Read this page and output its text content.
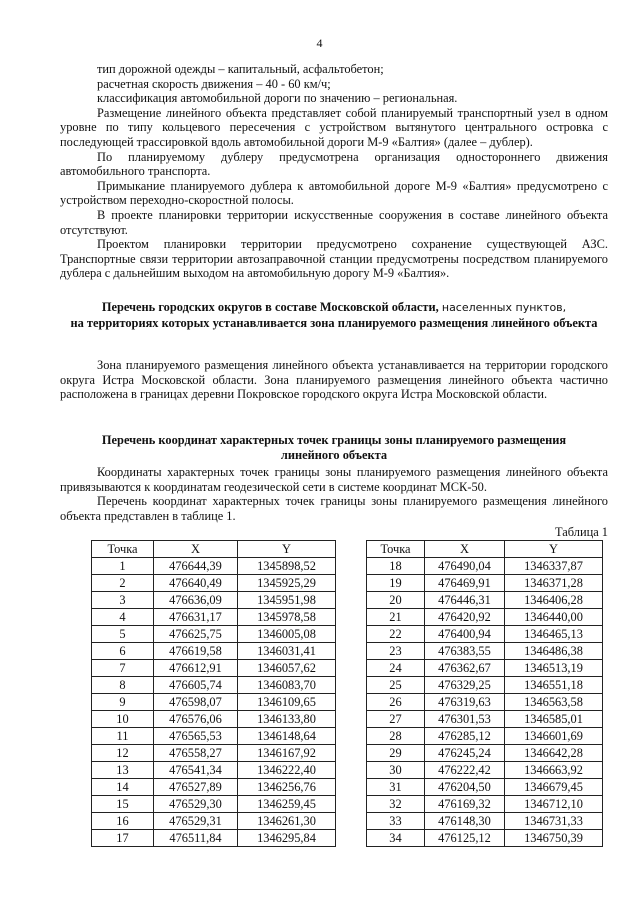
4

тип дорожной одежды – капитальный, асфальтобетон;

расчетная скорость движения – 40 - 60 км/ч;

классификация автомобильной дороги по значению – региональная.

Размещение линейного объекта представляет собой планируемый транспортный узел в одном уровне по типу кольцевого пересечения с устройством вытянутого центрального островка с последующей трассировкой вдоль автомобильной дороги М-9 «Балтия» (далее – дублер).

По планируемому дублеру предусмотрена организация одностороннего движения автомобильного транспорта.

Примыкание планируемого дублера к автомобильной дороге М-9 «Балтия» предусмотрено с устройством переходно-скоростной полосы.

В проекте планировки территории искусственные сооружения в составе линейного объекта отсутствуют.

Проектом планировки территории предусмотрено сохранение существующей АЗС. Транспортные связи территории автозаправочной станции предусмотрены посредством планируемого дублера с дальнейшим выходом на автомобильную дорогу М-9 «Балтия».

Перечень городских округов в составе Московской области, населенных пунктов,
на территориях которых устанавливается зона планируемого размещения линейного объекта

Зона планируемого размещения линейного объекта устанавливается на территории городского округа Истра Московской области. Зона планируемого размещения линейного объекта частично расположена в границах деревни Покровское городского округа Истра Московской области.

Перечень координат характерных точек границы зоны планируемого размещения линейного объекта

Координаты характерных точек границы зоны планируемого размещения линейного объекта привязываются к координатам геодезической сети в системе координат МСК-50.

Перечень координат характерных точек границы зоны планируемого размещения линейного объекта представлен в таблице 1.

Таблица 1
Точка	X	Y
1	476644,39	1345898,52
2	476640,49	1345925,29
3	476636,09	1345951,98
4	476631,17	1345978,58
5	476625,75	1346005,08
6	476619,58	1346031,41
7	476612,91	1346057,62
8	476605,74	1346083,70
9	476598,07	1346109,65
10	476576,06	1346133,80
11	476565,53	1346148,64
12	476558,27	1346167,92
13	476541,34	1346222,40
14	476527,89	1346256,76
15	476529,30	1346259,45
16	476529,31	1346261,30
17	476511,84	1346295,84
Точка	X	Y
18	476490,04	1346337,87
19	476469,91	1346371,28
20	476446,31	1346406,28
21	476420,92	1346440,00
22	476400,94	1346465,13
23	476383,55	1346486,38
24	476362,67	1346513,19
25	476329,25	1346551,18
26	476319,63	1346563,58
27	476301,53	1346585,01
28	476285,12	1346601,69
29	476245,24	1346642,28
30	476222,42	1346663,92
31	476204,50	1346679,45
32	476169,32	1346712,10
33	476148,30	1346731,33
34	476125,12	1346750,39
